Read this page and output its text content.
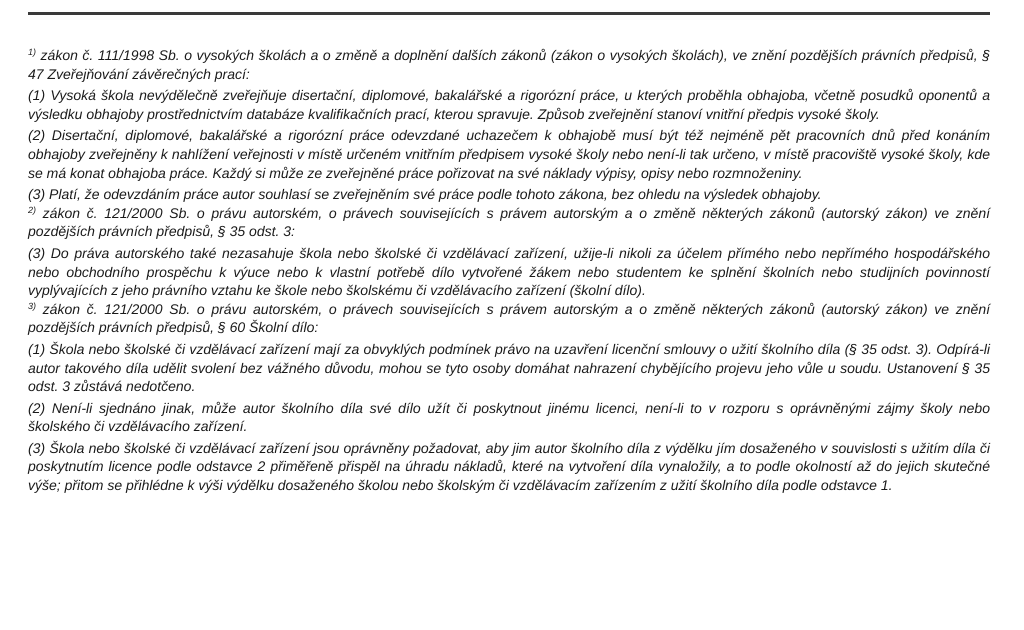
$^{1)}$ zákon č. 111/1998 Sb. o vysokých školách a o změně a doplnění dalších zákonů (zákon o vysokých školách), ve znění pozdějších právních předpisů, § 47 Zveřejňování závěrečných prací:

(1) Vysoká škola nevýdělečně zveřejňuje disertační, diplomové, bakalářské a rigorózní práce, u kterých proběhla obhajoba, včetně posudků oponentů a výsledku obhajoby prostřednictvím databáze kvalifikačních prací, kterou spravuje. Způsob zveřejnění stanoví vnitřní předpis vysoké školy.

(2) Disertační, diplomové, bakalářské a rigorózní práce odevzdané uchazečem k obhajobě musí být též nejméně pět pracovních dnů před konáním obhajoby zveřejněny k nahlížení veřejnosti v místě určeném vnitřním předpisem vysoké školy nebo není-li tak určeno, v místě pracoviště vysoké školy, kde se má konat obhajoba práce. Každý si může ze zveřejněné práce pořizovat na své náklady výpisy, opisy nebo rozmnoženiny.

(3) Platí, že odevzdáním práce autor souhlasí se zveřejněním své práce podle tohoto zákona, bez ohledu na výsledek obhajoby.

$^{2)}$ zákon č. 121/2000 Sb. o právu autorském, o právech souvisejících s právem autorským a o změně některých zákonů (autorský zákon) ve znění pozdějších právních předpisů, § 35 odst. 3:

(3) Do práva autorského také nezasahuje škola nebo školské či vzdělávací zařízení, užije-li nikoli za účelem přímého nebo nepřímého hospodářského nebo obchodního prospěchu k výuce nebo k vlastní potřebě dílo vytvořené žákem nebo studentem ke splnění školních nebo studijních povinností vyplývajících z jeho právního vztahu ke škole nebo školskému či vzdělávacího zařízení (školní dílo).

$^{3)}$ zákon č. 121/2000 Sb. o právu autorském, o právech souvisejících s právem autorským a o změně některých zákonů (autorský zákon) ve znění pozdějších právních předpisů, § 60 Školní dílo:

(1) Škola nebo školské či vzdělávací zařízení mají za obvyklých podmínek právo na uzavření licenční smlouvy o užití školního díla (§ 35 odst. 3). Odpírá-li autor takového díla udělit svolení bez vážného důvodu, mohou se tyto osoby domáhat nahrazení chybějícího projevu jeho vůle u soudu. Ustanovení § 35 odst. 3 zůstává nedotčeno.

(2) Není-li sjednáno jinak, může autor školního díla své dílo užít či poskytnout jinému licenci, není-li to v rozporu s oprávněnými zájmy školy nebo školského či vzdělávacího zařízení.

(3) Škola nebo školské či vzdělávací zařízení jsou oprávněny požadovat, aby jim autor školního díla z výdělku jím dosaženého v souvislosti s užitím díla či poskytnutím licence podle odstavce 2 přiměřeně přispěl na úhradu nákladů, které na vytvoření díla vynaložily, a to podle okolností až do jejich skutečné výše; přitom se přihlédne k výši výdělku dosaženého školou nebo školským či vzdělávacím zařízením z užití školního díla podle odstavce 1.
